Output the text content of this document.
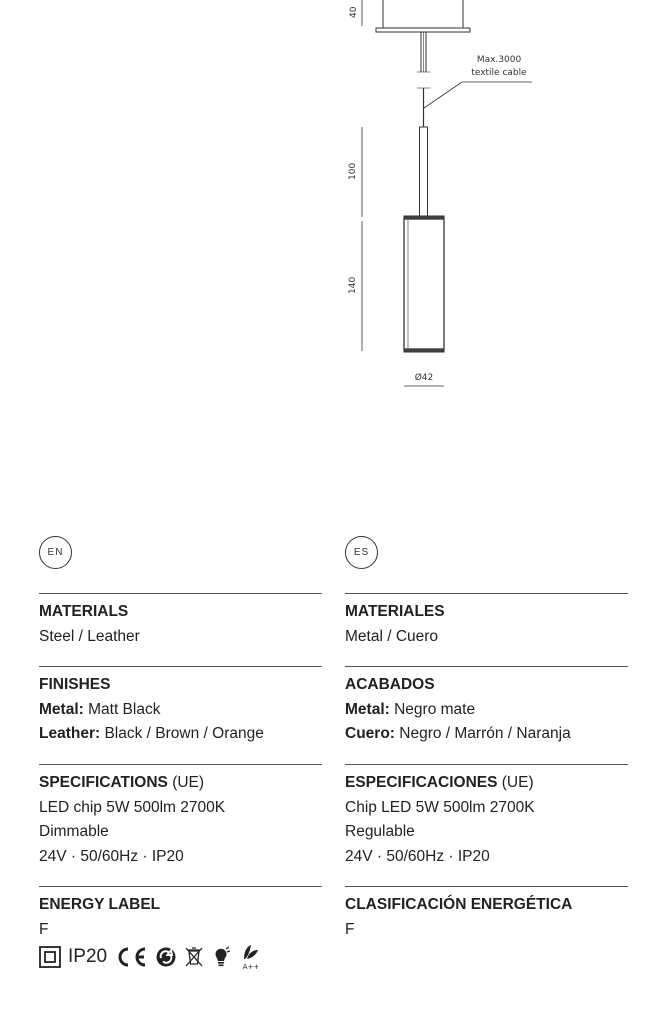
40
Max.3000
textile cable
100
140
Ø42
EN
MATERIALS
Steel / Leather
FINISHES
Metal: Matt Black
Leather: Black / Brown / Orange
SPECIFICATIONS (UE)
LED chip 5W 500lm 2700K
Dimmable
24V · 50/60Hz · IP20
ENERGY LABEL
F
IP20	A++
ES
MATERIALES
Metal / Cuero
ACABADOS
Metal: Negro mate
Cuero: Negro / Marrón / Naranja
ESPECIFICACIONES (UE)
Chip LED 5W 500lm 2700K
Regulable
24V · 50/60Hz · IP20
CLASIFICACIÓN ENERGÉTICA
F
